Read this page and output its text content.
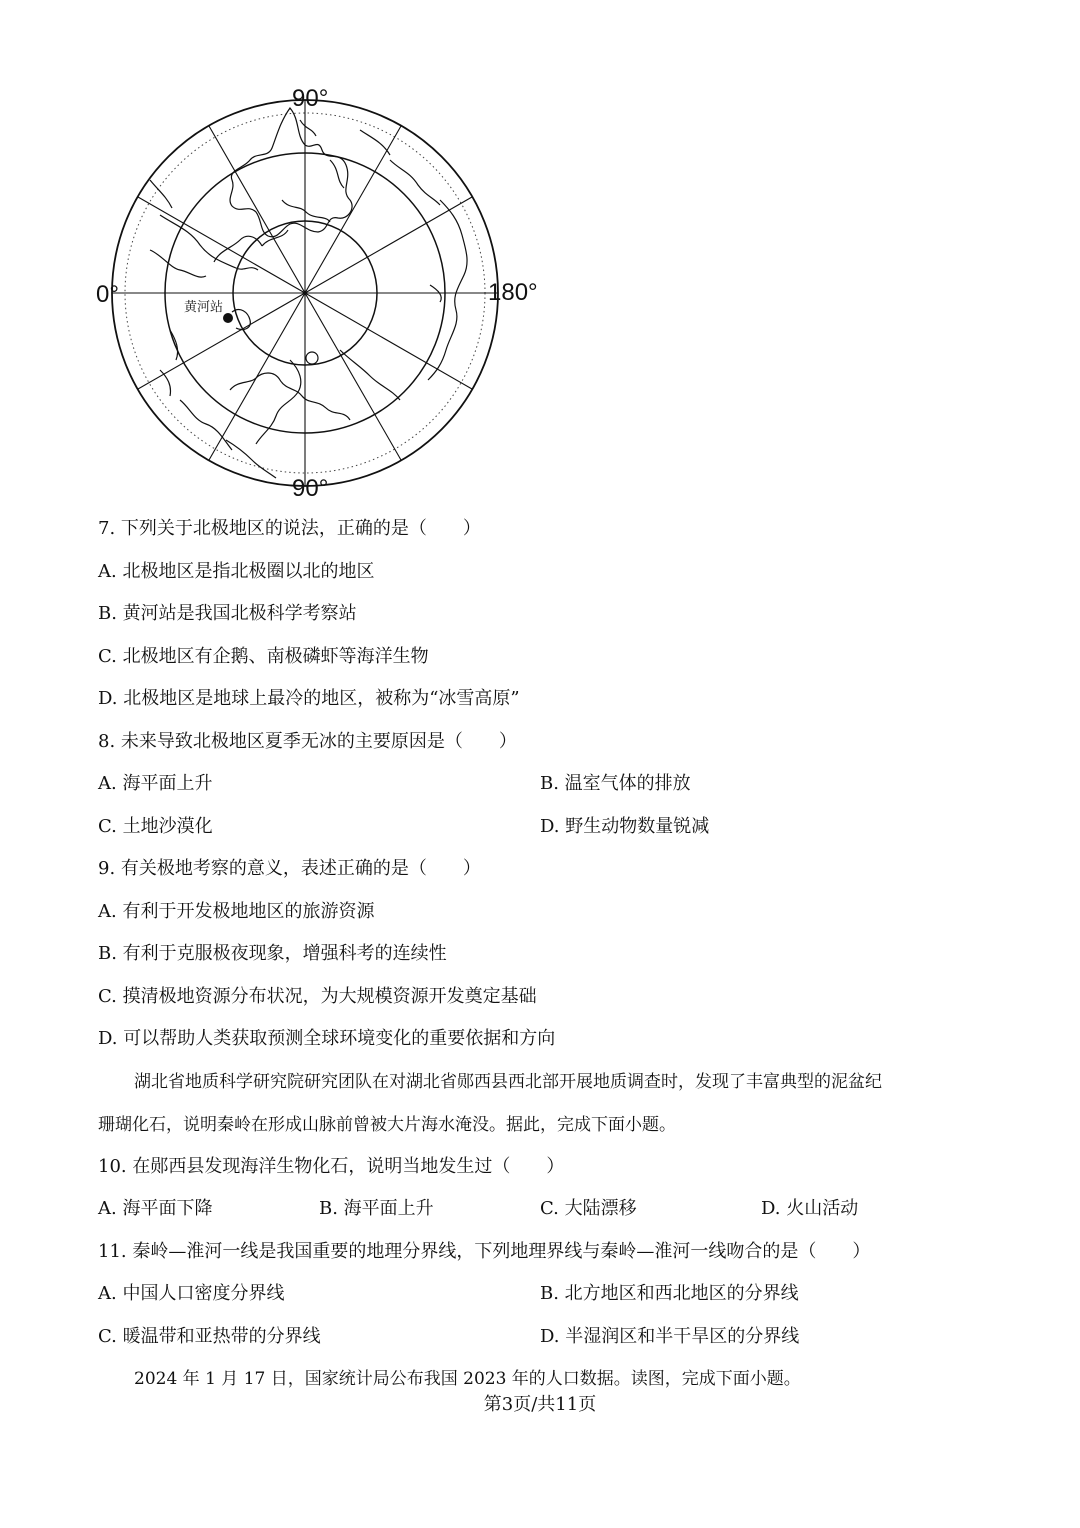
黄河站
90°
90°
0°	180°
7. 下列关于北极地区的说法，正确的是（　　）
A. 北极地区是指北极圈以北的地区
B. 黄河站是我国北极科学考察站
C. 北极地区有企鹅、南极磷虾等海洋生物
D. 北极地区是地球上最冷的地区，被称为“冰雪高原”
8. 未来导致北极地区夏季无冰的主要原因是（　　）
A. 海平面上升	B. 温室气体的排放
C. 土地沙漠化	D. 野生动物数量锐减
9. 有关极地考察的意义，表述正确的是（　　）
A. 有利于开发极地地区的旅游资源
B. 有利于克服极夜现象，增强科考的连续性
C. 摸清极地资源分布状况，为大规模资源开发奠定基础
D. 可以帮助人类获取预测全球环境变化的重要依据和方向
湖北省地质科学研究院研究团队在对湖北省郧西县西北部开展地质调查时，发现了丰富典型的泥盆纪
珊瑚化石，说明秦岭在形成山脉前曾被大片海水淹没。据此，完成下面小题。
10. 在郧西县发现海洋生物化石，说明当地发生过（　　）
A. 海平面下降	B. 海平面上升	C. 大陆漂移	D. 火山活动
11. 秦岭—淮河一线是我国重要的地理分界线，下列地理界线与秦岭—淮河一线吻合的是（　　）
A. 中国人口密度分界线	B. 北方地区和西北地区的分界线
C. 暖温带和亚热带的分界线	D. 半湿润区和半干旱区的分界线
2024 年 1 月 17 日，国家统计局公布我国 2023 年的人口数据。读图，完成下面小题。
第3页/共11页
